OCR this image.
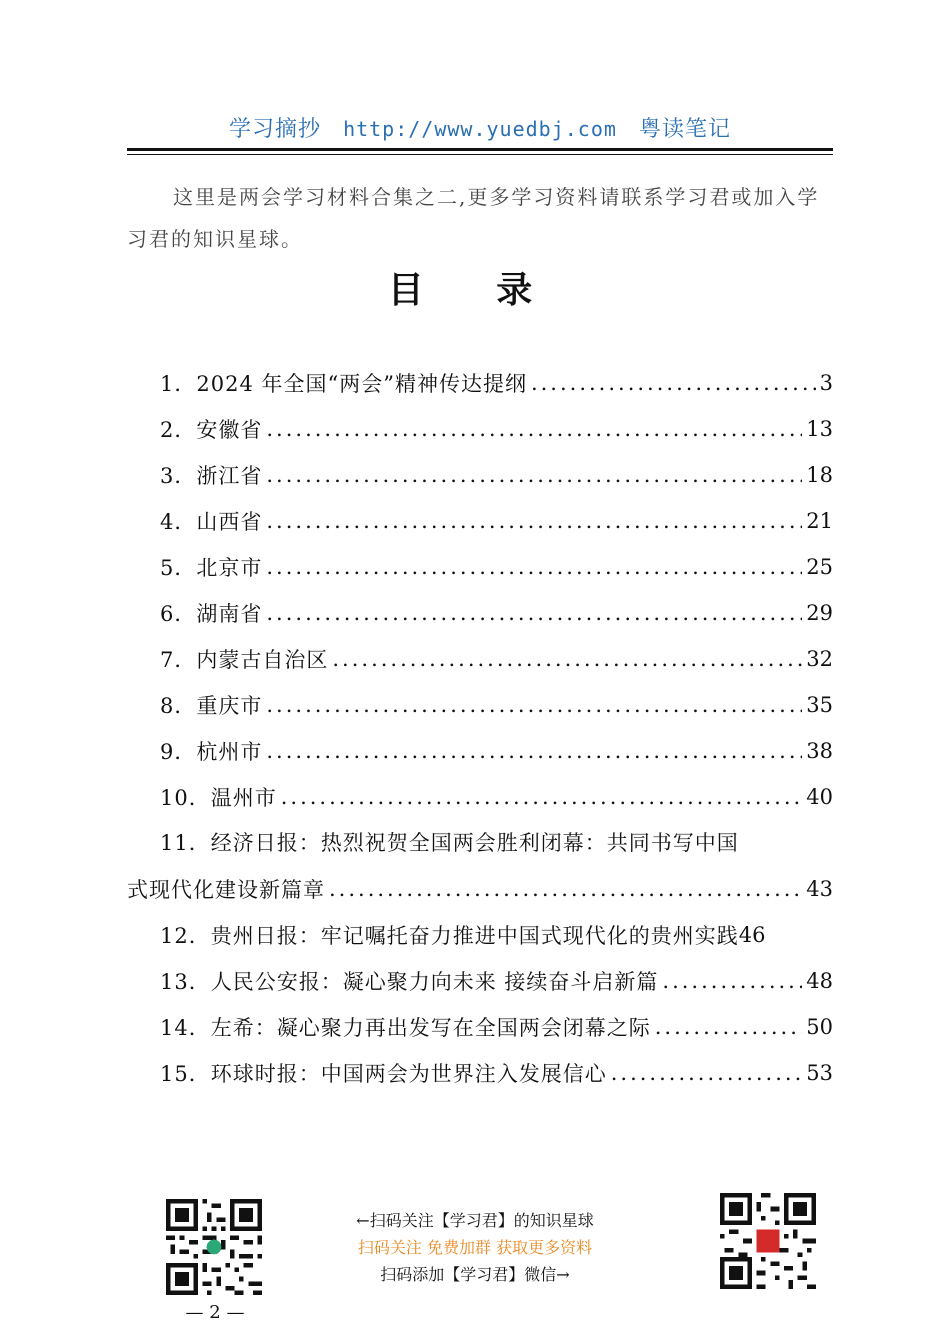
学习摘抄 http://www.yuedbj.com 粤读笔记
这里是两会学习材料合集之二,更多学习资料请联系学习君或加入学习君的知识星球。
目 录
1．2024 年全国“两会”精神传达提纲 .....	3
2．安徽省 .....	13
3．浙江省 .....	18
4．山西省 .....	21
5．北京市 .....	25
6．湖南省 .....	29
7．内蒙古自治区 .....	32
8．重庆市 .....	35
9．杭州市 .....	38
10．温州市 .....	40
11．经济日报：热烈祝贺全国两会胜利闭幕：共同书写中国
式现代化建设新篇章 .....	43
12．贵州日报：牢记嘱托奋力推进中国式现代化的贵州实践 46
13．人民公安报：凝心聚力向未来 接续奋斗启新篇 .....	48
14．左希：凝心聚力再出发写在全国两会闭幕之际 .....	50
15．环球时报：中国两会为世界注入发展信心 .....	53
←扫码关注【学习君】的知识星球
扫码关注 免费加群 获取更多资料
扫码添加【学习君】微信→
— 2 —
